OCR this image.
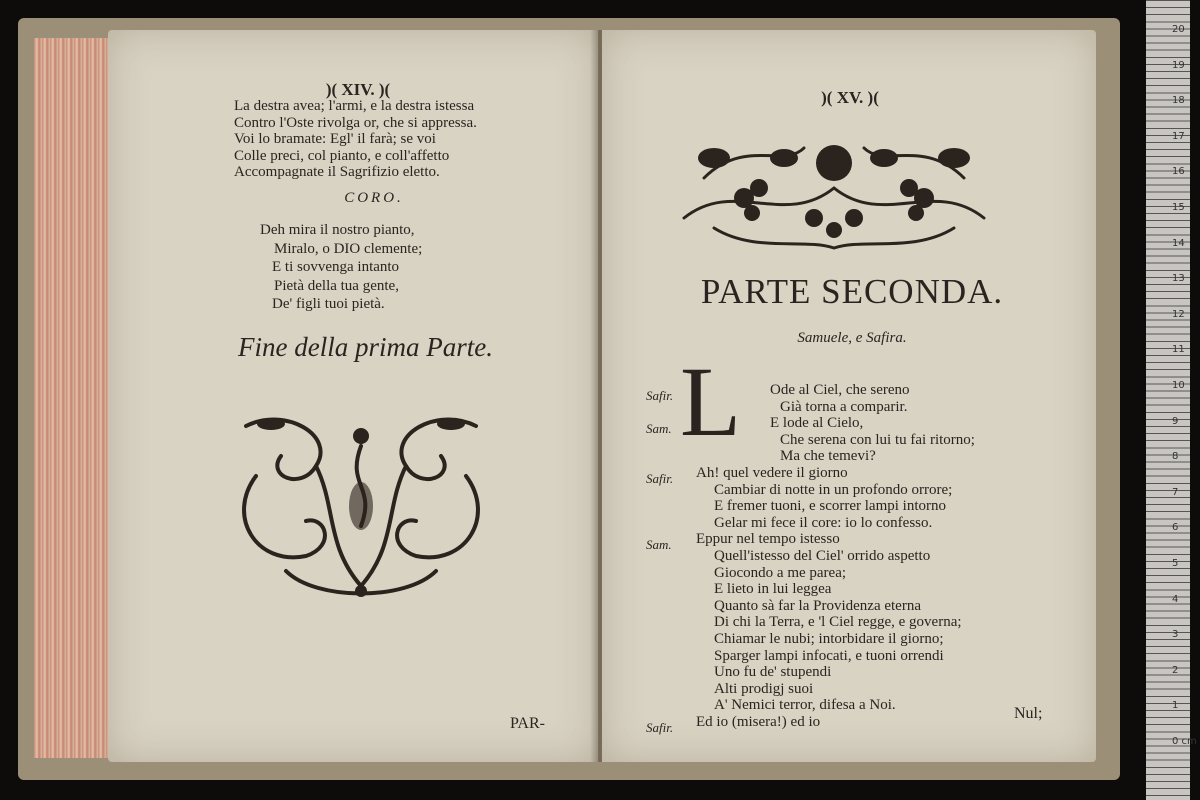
)( XIV. )(

La destra avea; l'armi, e la destra istessa

Contro l'Oste rivolga or, che si appressa.

Voi lo bramate: Egl' il farà; se voi

Colle preci, col pianto, e coll'affetto

Accompagnate il Sagrifizio eletto.

CORO.

Deh mira il nostro pianto,

Miralo, o DIO clemente;

E ti sovvenga intanto

Pietà della tua gente,

De' figli tuoi pietà.

Fine della prima Parte.

PAR-

)( XV. )(

PARTE SECONDA.

Samuele, e Safira.

L

Safir.	Ode al Ciel, che sereno

Già torna a comparir.

Sam.	E lode al Cielo,

Che serena con lui tu fai ritorno;

Ma che temevi?

Safir. Ah! quel vedere il giorno

Cambiar di notte in un profondo orrore;

E fremer tuoni, e scorrer lampi intorno

Gelar mi fece il core: io lo confesso.

Sam. Eppur nel tempo istesso

Quell'istesso del Ciel' orrido aspetto

Giocondo a me parea;

E lieto in lui leggea

Quanto sà far la Providenza eterna

Di chi la Terra, e 'l Ciel regge, e governa;

Chiamar le nubi; intorbidare il giorno;

Sparger lampi infocati, e tuoni orrendi

Uno fu de' stupendi

Alti prodigj suoi

A' Nemici terror, difesa a Noi.

Safir. Ed io (misera!) ed io	Nul;

20
19
18
17
16
15
14
13
12
11
10
9
8
7
6
5
4
3
2
1
0 cm
